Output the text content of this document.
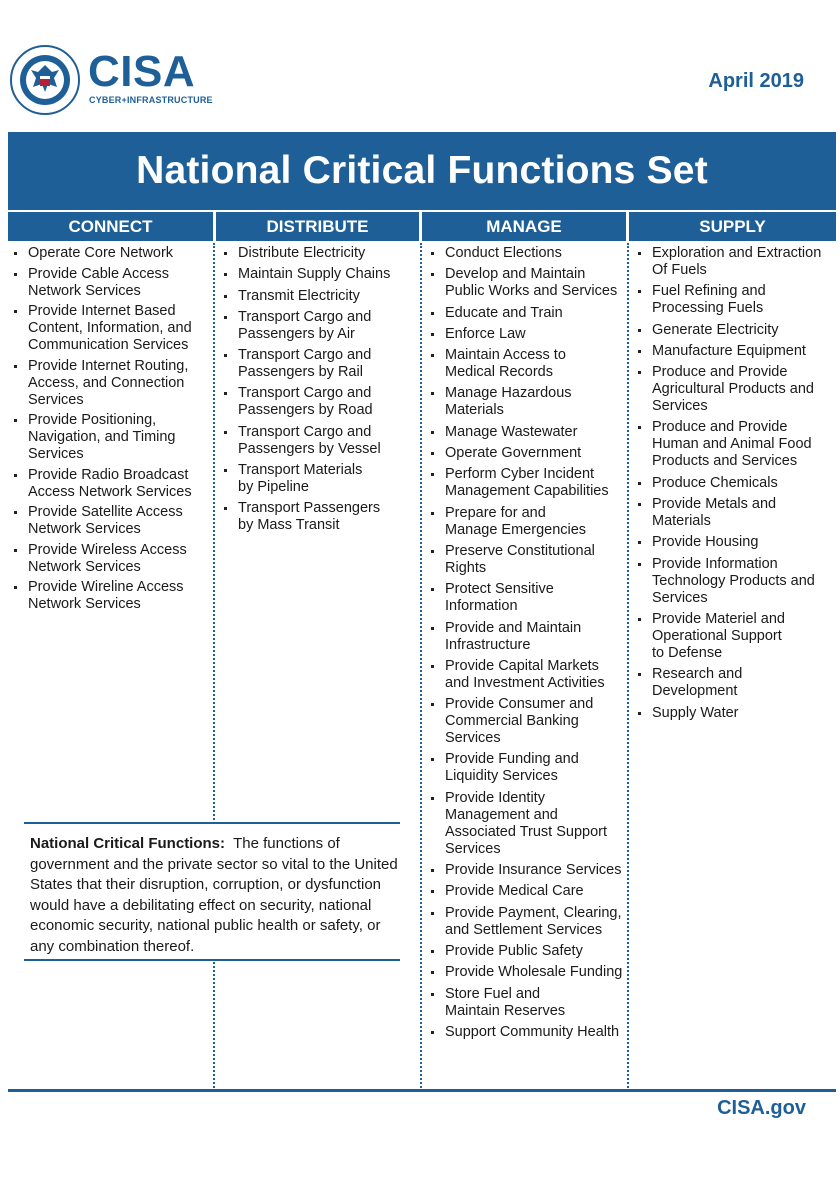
CISA
CYBER+INFRASTRUCTURE
April 2019
National Critical Functions Set
CONNECT	DISTRIBUTE	MANAGE	SUPPLY
Operate Core Network
Provide Cable Access
Network Services
Provide Internet Based
Content, Information, and
Communication Services
Provide Internet Routing,
Access, and Connection
Services
Provide Positioning,
Navigation, and Timing
Services
Provide Radio Broadcast
Access Network Services
Provide Satellite Access
Network Services
Provide Wireless Access
Network Services
Provide Wireline Access
Network Services
Distribute Electricity
Maintain Supply Chains
Transmit Electricity
Transport Cargo and
Passengers by Air
Transport Cargo and
Passengers by Rail
Transport Cargo and
Passengers by Road
Transport Cargo and
Passengers by Vessel
Transport Materials
by Pipeline
Transport Passengers
by Mass Transit
Conduct Elections
Develop and Maintain
Public Works and Services
Educate and Train
Enforce Law
Maintain Access to
Medical Records
Manage Hazardous
Materials
Manage Wastewater
Operate Government
Perform Cyber Incident
Management Capabilities
Prepare for and
Manage Emergencies
Preserve Constitutional
Rights
Protect Sensitive
Information
Provide and Maintain
Infrastructure
Provide Capital Markets
and Investment Activities
Provide Consumer and
Commercial Banking
Services
Provide Funding and
Liquidity Services
Provide Identity
Management and
Associated Trust Support
Services
Provide Insurance Services
Provide Medical Care
Provide Payment, Clearing,
and Settlement Services
Provide Public Safety
Provide Wholesale Funding
Store Fuel and
Maintain Reserves
Support Community Health
Exploration and Extraction
Of Fuels
Fuel Refining and
Processing Fuels
Generate Electricity
Manufacture Equipment
Produce and Provide
Agricultural Products and
Services
Produce and Provide
Human and Animal Food
Products and Services
Produce Chemicals
Provide Metals and
Materials
Provide Housing
Provide Information
Technology Products and
Services
Provide Materiel and
Operational Support
to Defense
Research and
Development
Supply Water
National Critical Functions: The functions of government and the private sector so vital to the United States that their disruption, corruption, or dysfunction would have a debilitating effect on security, national economic security, national public health or safety, or any combination thereof.
CISA.gov
